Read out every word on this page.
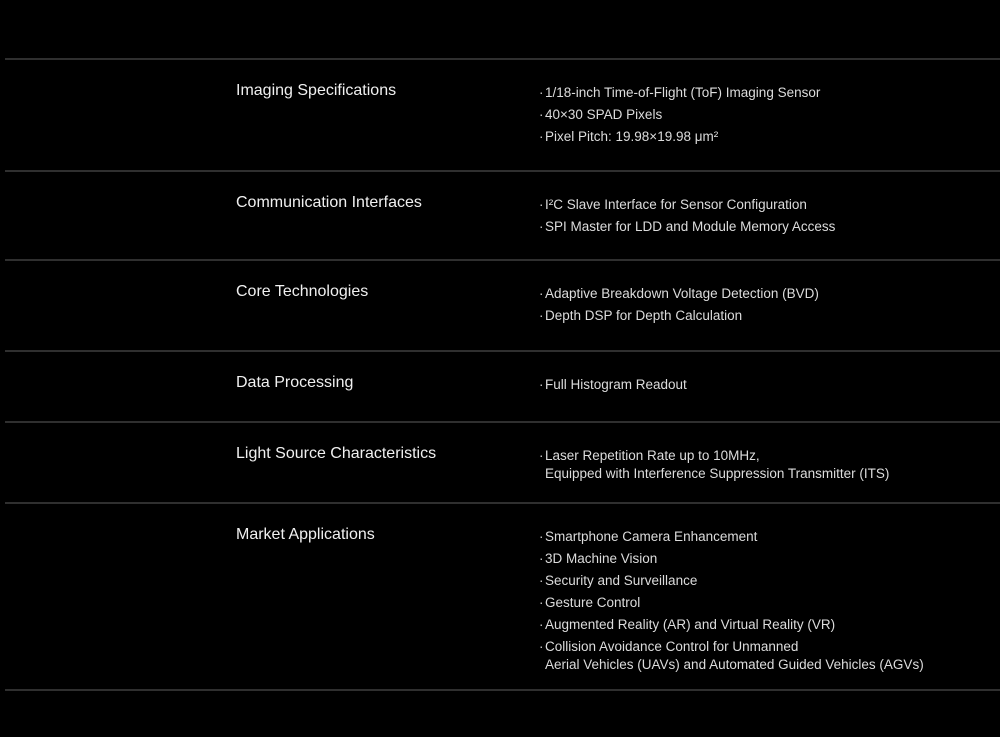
Imaging Specifications	· 1/18-inch Time-of-Flight (ToF) Imaging Sensor
· 40×30 SPAD Pixels
· Pixel Pitch: 19.98×19.98 μm²
Communication Interfaces	· I²C Slave Interface for Sensor Configuration
· SPI Master for LDD and Module Memory Access
Core Technologies	· Adaptive Breakdown Voltage Detection (BVD)
· Depth DSP for Depth Calculation
Data Processing	· Full Histogram Readout
Light Source Characteristics	· Laser Repetition Rate up to 10MHz,
Equipped with Interference Suppression Transmitter (ITS)
Market Applications	· Smartphone Camera Enhancement
· 3D Machine Vision
· Security and Surveillance
· Gesture Control
· Augmented Reality (AR) and Virtual Reality (VR)
· Collision Avoidance Control for Unmanned
Aerial Vehicles (UAVs) and Automated Guided Vehicles (AGVs)
